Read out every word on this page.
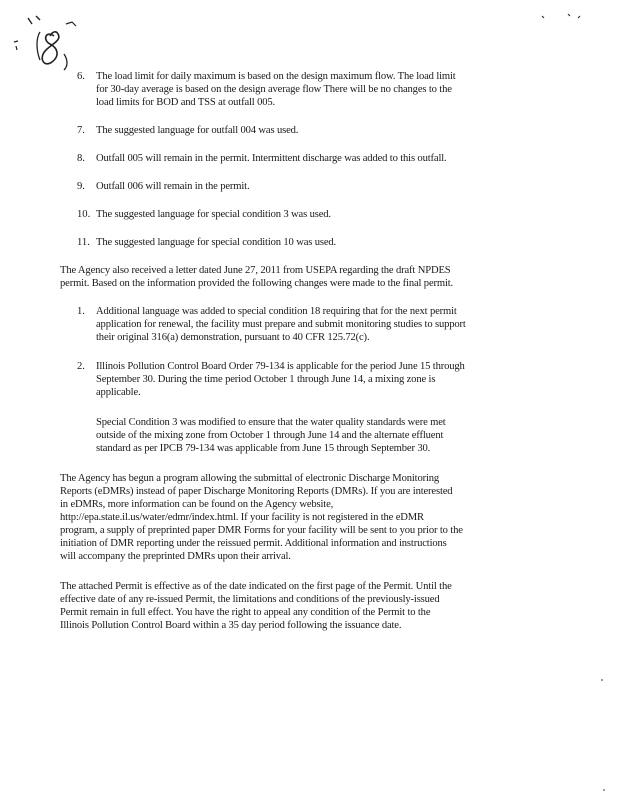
6. The load limit for daily maximum is based on the design maximum flow. The load limit
for 30-day average is based on the design average flow There will be no changes to the
load limits for BOD and TSS at outfall 005.
7. The suggested language for outfall 004 was used.
8. Outfall 005 will remain in the permit. Intermittent discharge was added to this outfall.
9. Outfall 006 will remain in the permit.
10. The suggested language for special condition 3 was used.
11. The suggested language for special condition 10 was used.
The Agency also received a letter dated June 27, 2011 from USEPA regarding the draft NPDES
permit. Based on the information provided the following changes were made to the final permit.
1. Additional language was added to special condition 18 requiring that for the next permit
application for renewal, the facility must prepare and submit monitoring studies to support
their original 316(a) demonstration, pursuant to 40 CFR 125.72(c).
2. Illinois Pollution Control Board Order 79-134 is applicable for the period June 15 through
September 30. During the time period October 1 through June 14, a mixing zone is
applicable.
Special Condition 3 was modified to ensure that the water quality standards were met
outside of the mixing zone from October 1 through June 14 and the alternate effluent
standard as per IPCB 79-134 was applicable from June 15 through September 30.
The Agency has begun a program allowing the submittal of electronic Discharge Monitoring
Reports (eDMRs) instead of paper Discharge Monitoring Reports (DMRs). If you are interested
in eDMRs, more information can be found on the Agency website,
http://epa.state.il.us/water/edmr/index.html. If your facility is not registered in the eDMR
program, a supply of preprinted paper DMR Forms for your facility will be sent to you prior to the
initiation of DMR reporting under the reissued permit. Additional information and instructions
will accompany the preprinted DMRs upon their arrival.
The attached Permit is effective as of the date indicated on the first page of the Permit. Until the
effective date of any re-issued Permit, the limitations and conditions of the previously-issued
Permit remain in full effect. You have the right to appeal any condition of the Permit to the
Illinois Pollution Control Board within a 35 day period following the issuance date.
